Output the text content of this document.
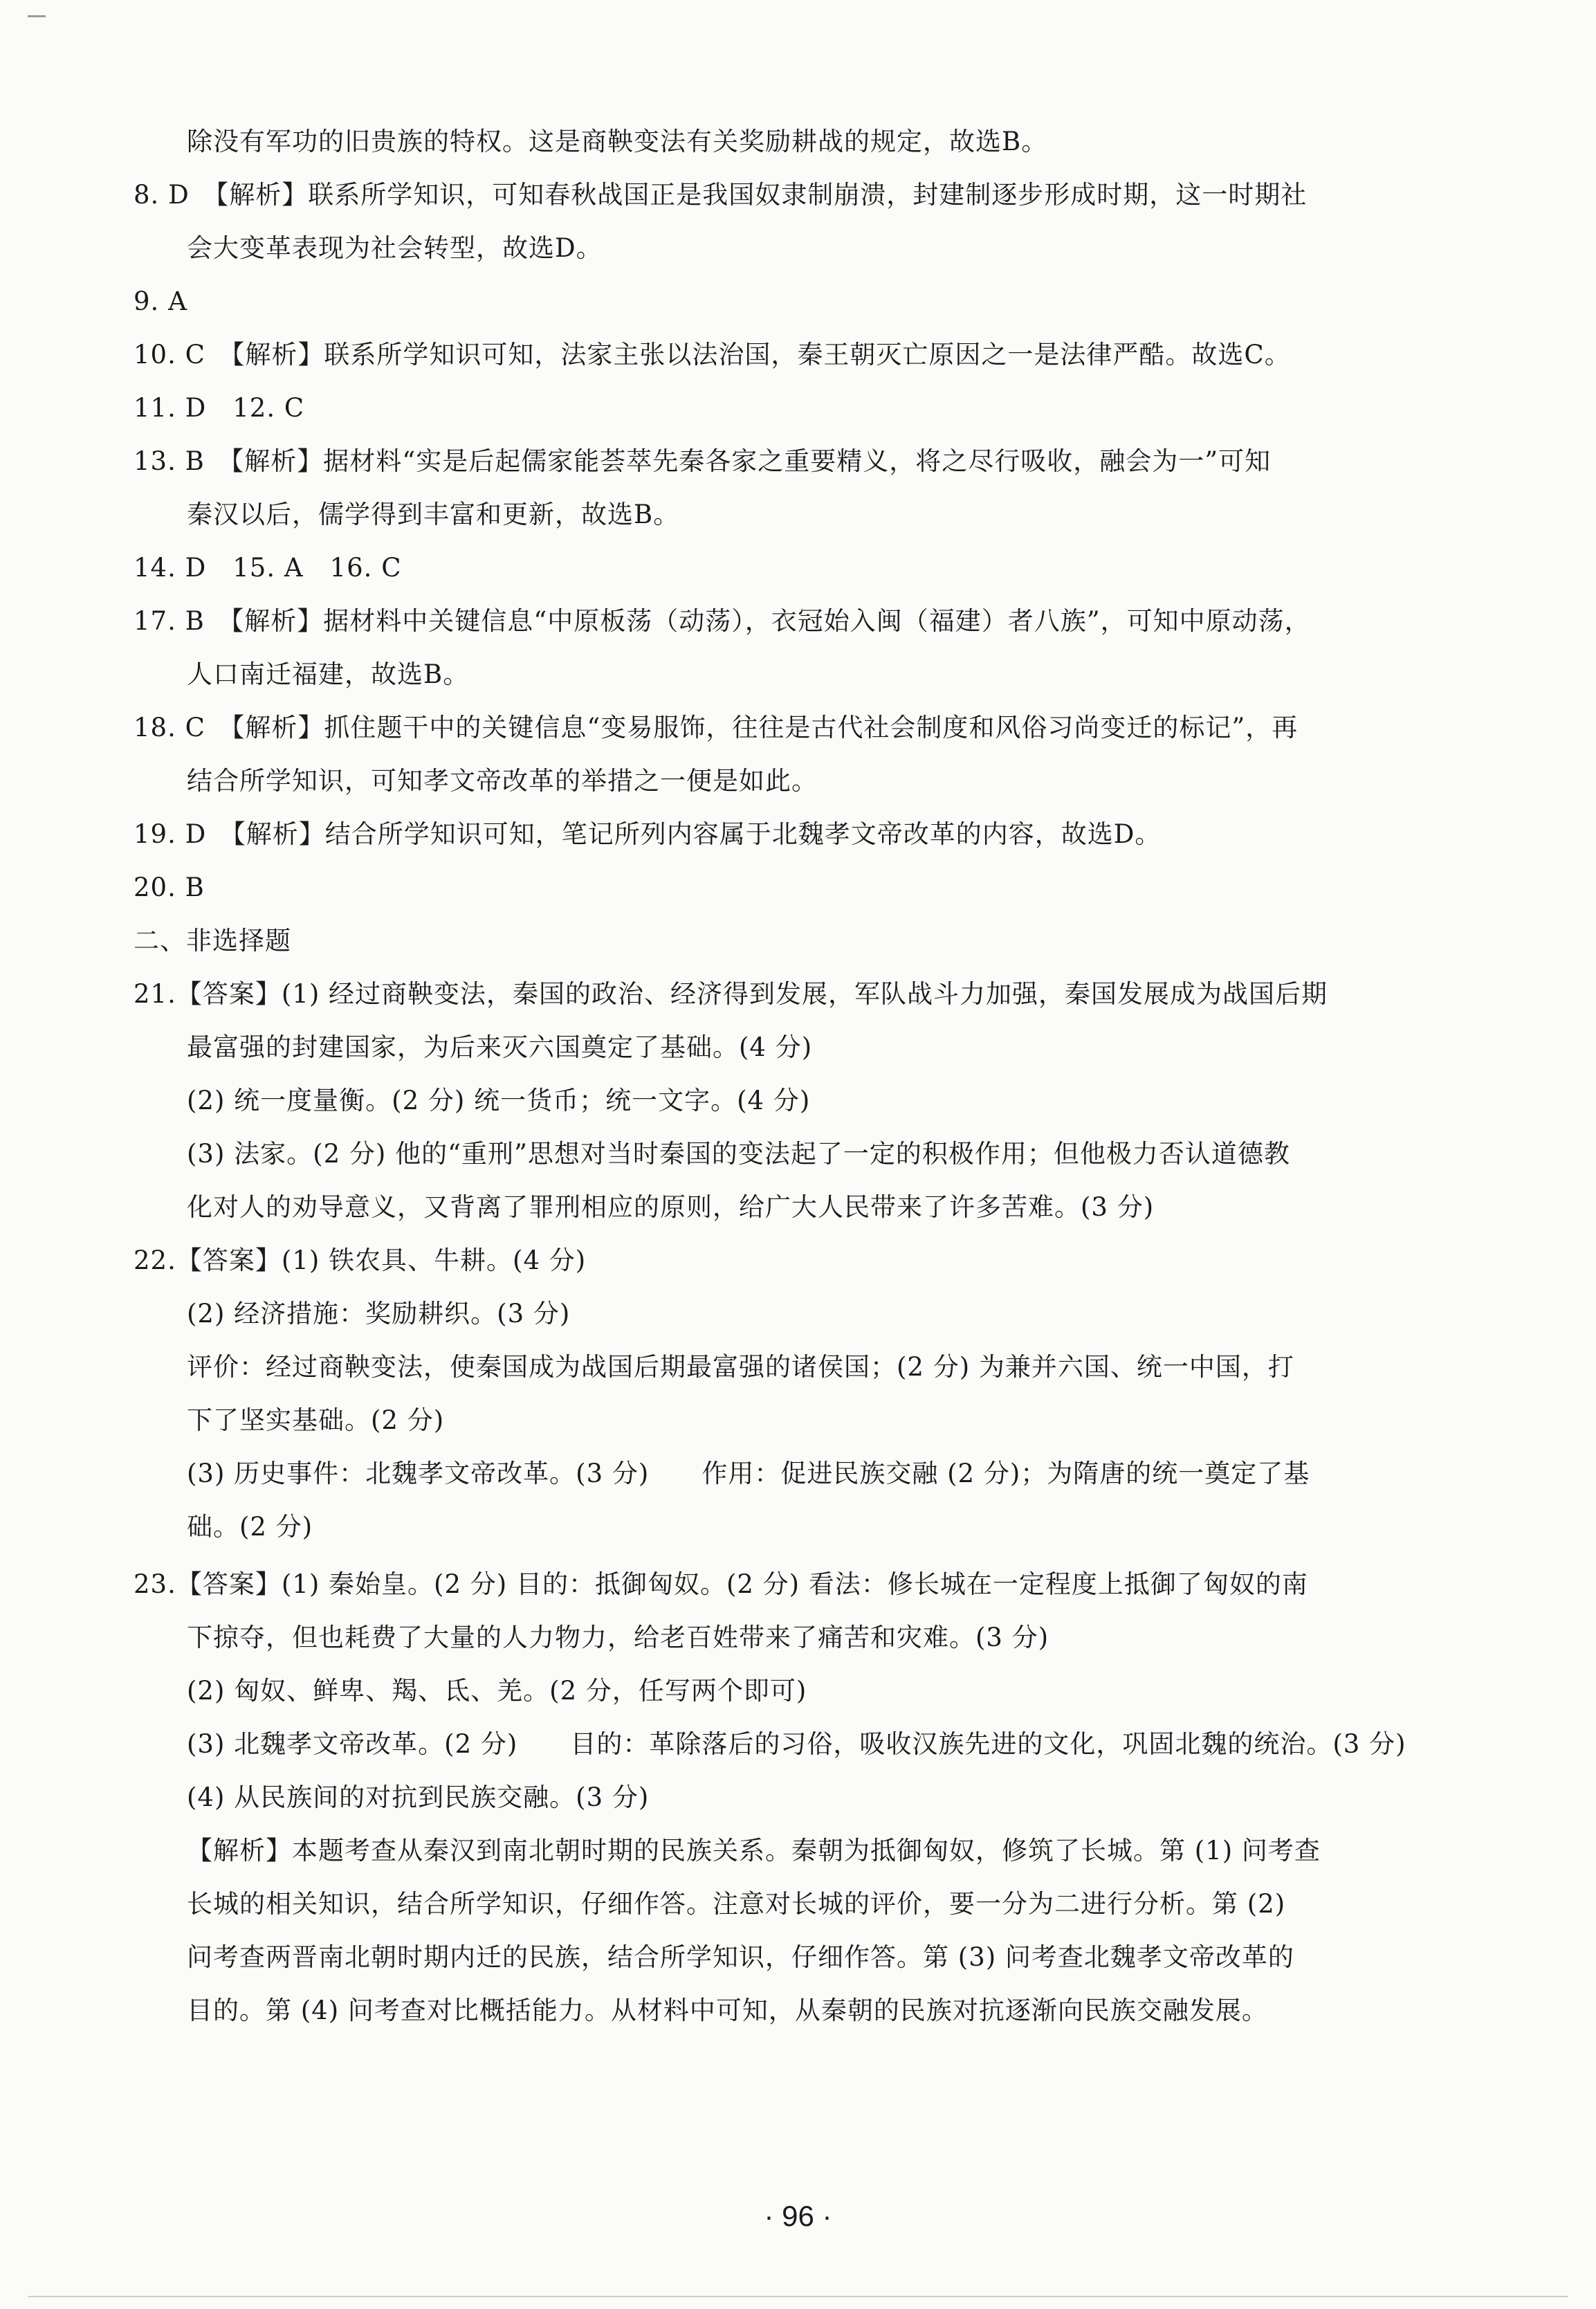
除没有军功的旧贵族的特权。这是商鞅变法有关奖励耕战的规定，故选B。
8. D　【解析】联系所学知识，可知春秋战国正是我国奴隶制崩溃，封建制逐步形成时期，这一时期社
会大变革表现为社会转型，故选D。
9. A
10. C　【解析】联系所学知识可知，法家主张以法治国，秦王朝灭亡原因之一是法律严酷。故选C。
11. D　12. C
13. B　【解析】据材料“实是后起儒家能荟萃先秦各家之重要精义，将之尽行吸收，融会为一”可知
秦汉以后，儒学得到丰富和更新，故选B。
14. D　15. A　16. C
17. B　【解析】据材料中关键信息“中原板荡（动荡），衣冠始入闽（福建）者八族”，可知中原动荡，
人口南迁福建，故选B。
18. C　【解析】抓住题干中的关键信息“变易服饰，往往是古代社会制度和风俗习尚变迁的标记”，再
结合所学知识，可知孝文帝改革的举措之一便是如此。
19. D　【解析】结合所学知识可知，笔记所列内容属于北魏孝文帝改革的内容，故选D。
20. B
二、非选择题
21.【答案】(1) 经过商鞅变法，秦国的政治、经济得到发展，军队战斗力加强，秦国发展成为战国后期
最富强的封建国家，为后来灭六国奠定了基础。(4 分)
(2) 统一度量衡。(2 分) 统一货币；统一文字。(4 分)
(3) 法家。(2 分) 他的“重刑”思想对当时秦国的变法起了一定的积极作用；但他极力否认道德教
化对人的劝导意义，又背离了罪刑相应的原则，给广大人民带来了许多苦难。(3 分)
22.【答案】(1) 铁农具、牛耕。(4 分)
(2) 经济措施：奖励耕织。(3 分)
评价：经过商鞅变法，使秦国成为战国后期最富强的诸侯国；(2 分) 为兼并六国、统一中国，打
下了坚实基础。(2 分)
(3) 历史事件：北魏孝文帝改革。(3 分)　　作用：促进民族交融 (2 分)；为隋唐的统一奠定了基
础。(2 分)
23.【答案】(1) 秦始皇。(2 分) 目的：抵御匈奴。(2 分) 看法：修长城在一定程度上抵御了匈奴的南
下掠夺，但也耗费了大量的人力物力，给老百姓带来了痛苦和灾难。(3 分)
(2) 匈奴、鲜卑、羯、氐、羌。(2 分，任写两个即可)
(3) 北魏孝文帝改革。(2 分)　　目的：革除落后的习俗，吸收汉族先进的文化，巩固北魏的统治。(3 分)
(4) 从民族间的对抗到民族交融。(3 分)
【解析】本题考查从秦汉到南北朝时期的民族关系。秦朝为抵御匈奴，修筑了长城。第 (1) 问考查
长城的相关知识，结合所学知识，仔细作答。注意对长城的评价，要一分为二进行分析。第 (2)
问考查两晋南北朝时期内迁的民族，结合所学知识，仔细作答。第 (3) 问考查北魏孝文帝改革的
目的。第 (4) 问考查对比概括能力。从材料中可知，从秦朝的民族对抗逐渐向民族交融发展。
· 96 ·
